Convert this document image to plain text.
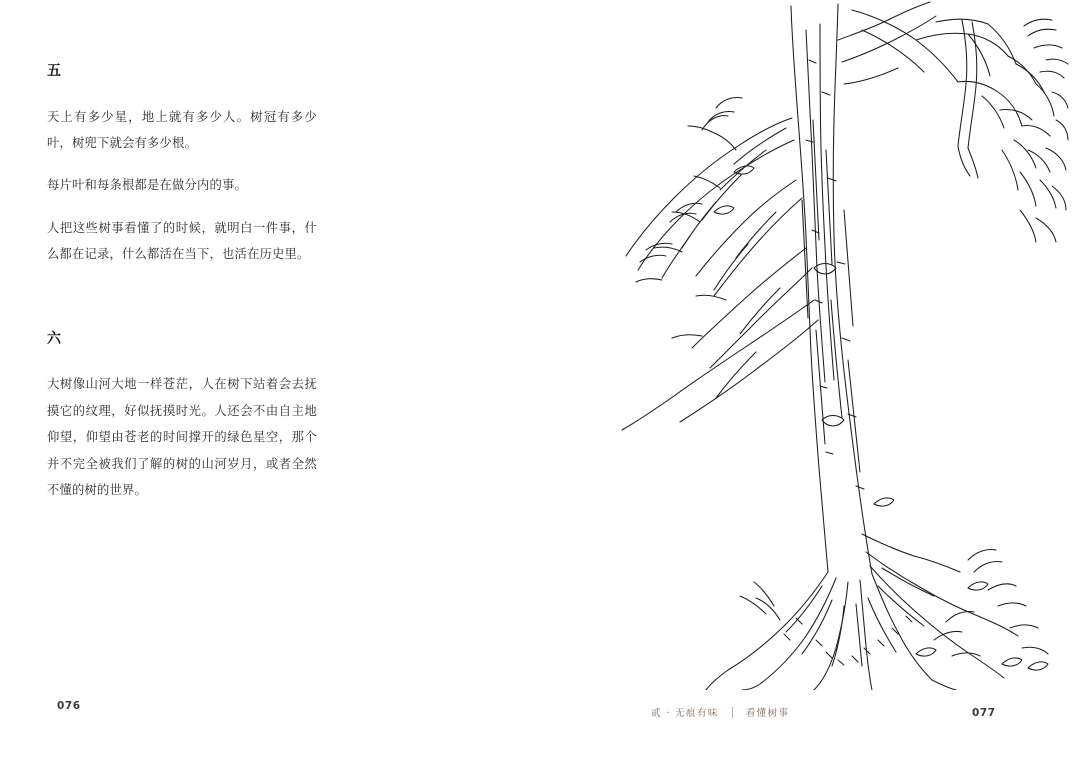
五

天上有多少星，地上就有多少人。树冠有多少叶，树兜下就会有多少根。

每片叶和每条根都是在做分内的事。

人把这些树事看懂了的时候，就明白一件事，什么都在记录，什么都活在当下，也活在历史里。

六

大树像山河大地一样苍茫，人在树下站着会去抚摸它的纹理，好似抚摸时光。人还会不由自主地仰望，仰望由苍老的时间撑开的绿色星空，那个并不完全被我们了解的树的山河岁月，或者全然不懂的树的世界。

076
贰 · 无痕有味	看懂树事	077
